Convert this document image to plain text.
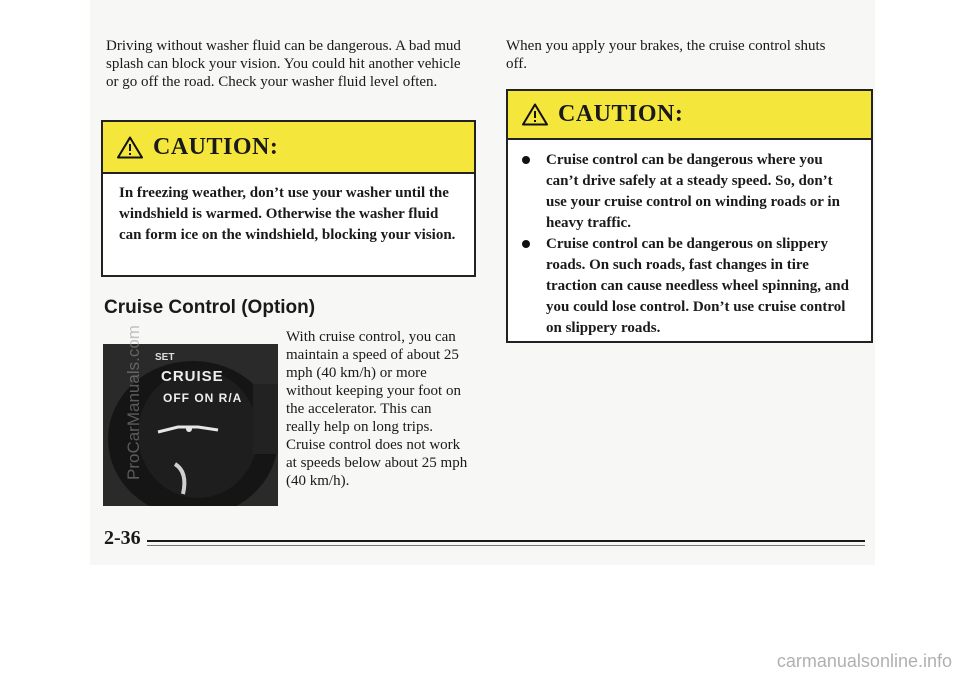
Driving without washer fluid can be dangerous. A bad mud splash can block your vision. You could hit another vehicle or go off the road. Check your washer fluid level often.

CAUTION:

In freezing weather, don’t use your washer until the windshield is warmed. Otherwise the washer fluid can form ice on the windshield, blocking your vision.

Cruise Control (Option)
SET
CRUISE
OFF ON R/A

With cruise control, you can maintain a speed of about 25 mph (40 km/h) or more without keeping your foot on the accelerator. This can really help on long trips. Cruise control does not work at speeds below about 25 mph (40 km/h).

When you apply your brakes, the cruise control shuts off.

CAUTION:
Cruise control can be dangerous where you can’t drive safely at a steady speed. So, don’t use your cruise control on winding roads or in heavy traffic.
Cruise control can be dangerous on slippery roads. On such roads, fast changes in tire traction can cause needless wheel spinning, and you could lose control. Don’t use cruise control on slippery roads.

2-36

ProCarManuals.com

carmanualsonline.info
